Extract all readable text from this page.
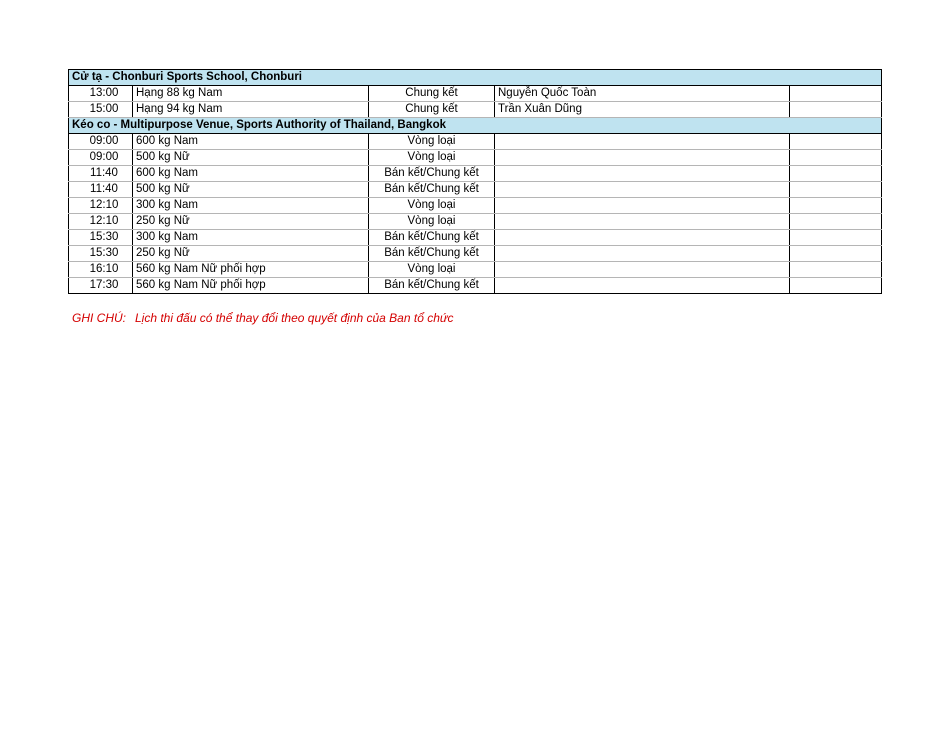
Cử tạ - Chonburi Sports School, Chonburi				
13:00	Hạng 88 kg Nam	Chung kết	Nguyễn Quốc Toàn	
15:00	Hạng 94 kg Nam	Chung kết	Trần Xuân Dũng	
Kéo co - Multipurpose Venue, Sports Authority of Thailand, Bangkok				
09:00	600 kg Nam	Vòng loại		
09:00	500 kg Nữ	Vòng loại		
11:40	600 kg Nam	Bán kết/Chung kết		
11:40	500 kg Nữ	Bán kết/Chung kết		
12:10	300 kg Nam	Vòng loại		
12:10	250 kg Nữ	Vòng loại		
15:30	300 kg Nam	Bán kết/Chung kết		
15:30	250 kg Nữ	Bán kết/Chung kết		
16:10	560 kg Nam Nữ phối hợp	Vòng loại		
17:30	560 kg Nam Nữ phối hợp	Bán kết/Chung kết		
GHI CHÚ: Lịch thi đấu có thể thay đổi theo quyết định của Ban tổ chức
